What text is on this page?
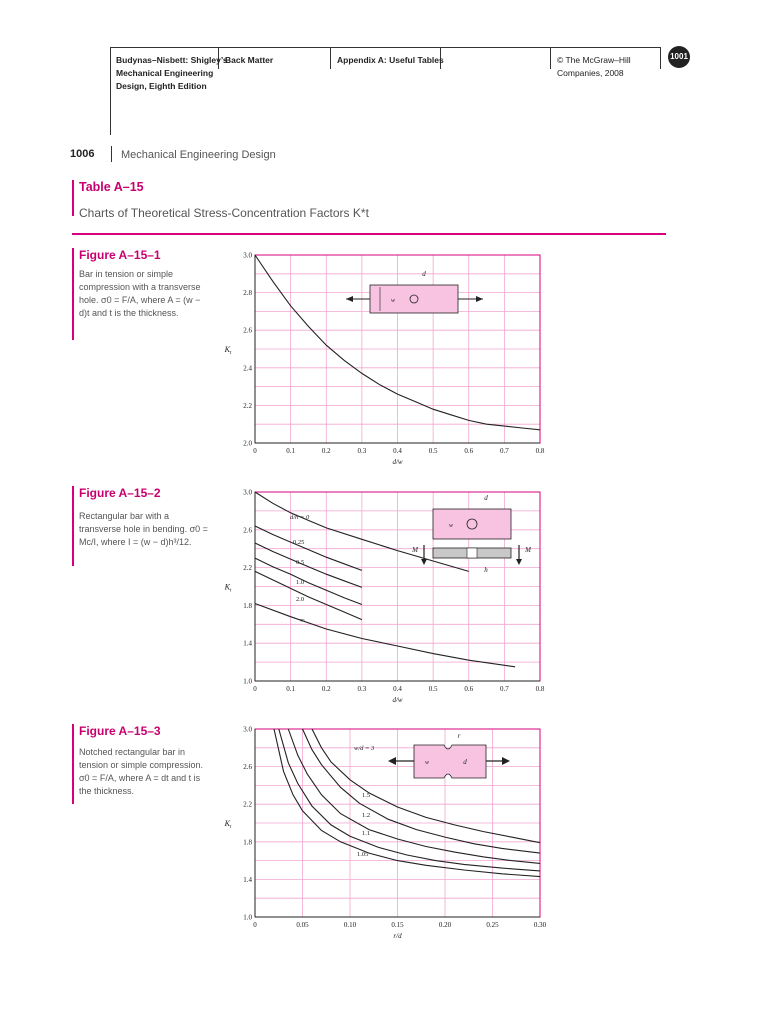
Budynas–Nisbett: Shigley’s
Mechanical Engineering
Design, Eighth Edition
Back Matter	Appendix A: Useful Tables	© The McGraw–Hill
Companies, 2008
1001
1006 Mechanical Engineering Design
Table A–15
Charts of Theoretical Stress-Concentration Factors K*t
Figure A–15–1
Bar in tension or simple compression with a transverse hole. σ0 = F/A, where A = (w − d)t and t is the thickness.
Figure A–15–2
Rectangular bar with a transverse hole in bending. σ0 = Mc/I, where I = (w − d)h³/12.
Figure A–15–3
Notched rectangular bar in tension or simple compression. σ0 = F/A, where A = dt and t is the thickness.
0	0.1	0.2	0.3	0.4	0.5	0.6	0.7	0.8
2.0
2.2
2.4
2.6
2.8
3.0
d/w
$K_t$
0	0.1	0.2	0.3	0.4	0.5	0.6	0.7	0.8
1.0
1.4
1.8
2.2
2.6
3.0
d/w
$K_t$
0	0.05	0.10	0.15	0.20	0.25	0.30
1.0
1.4
1.8
2.2
2.6
3.0
r/d
$K_t$
d/h = 0
0.25
0.5
1.0
2.0
∞
w/d = 3
1.5
1.2
1.1
1.05
d
w
d
w
M	M
h
r
w	d
